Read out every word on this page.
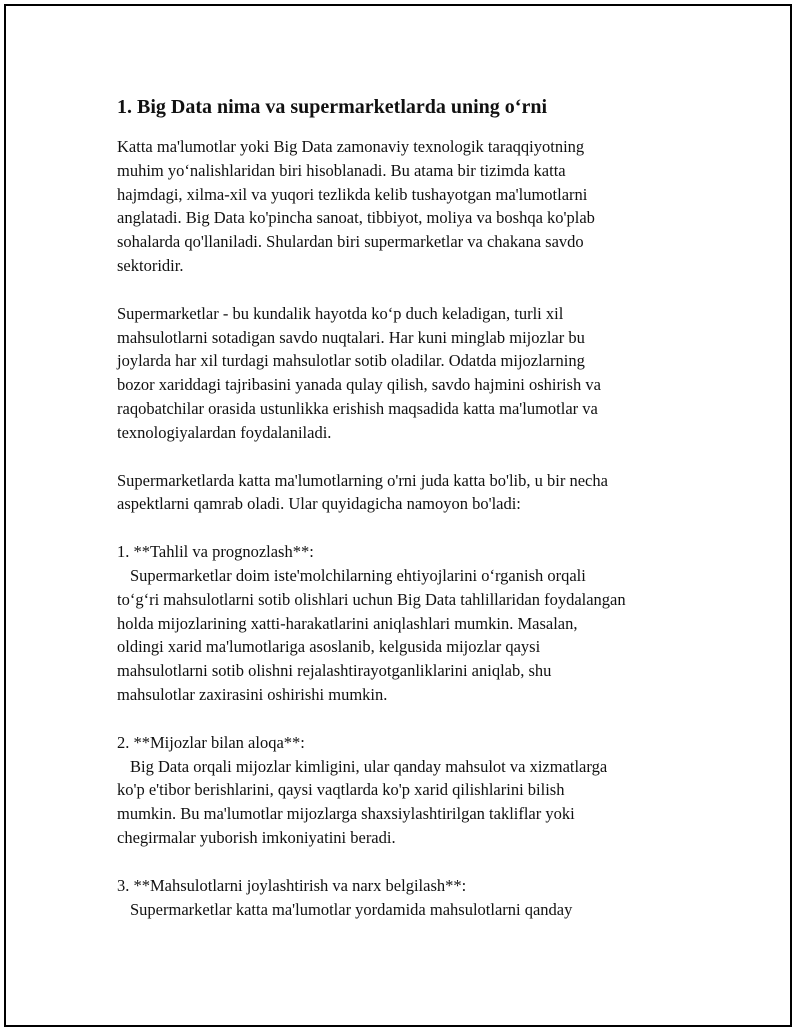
1. Big Data nima va supermarketlarda uning o‘rni
Katta ma'lumotlar yoki Big Data zamonaviy texnologik taraqqiyotning
muhim yo‘nalishlaridan biri hisoblanadi. Bu atama bir tizimda katta
hajmdagi, xilma-xil va yuqori tezlikda kelib tushayotgan ma'lumotlarni
anglatadi. Big Data ko'pincha sanoat, tibbiyot, moliya va boshqa ko'plab
sohalarda qo'llaniladi. Shulardan biri supermarketlar va chakana savdo
sektoridir.
Supermarketlar - bu kundalik hayotda ko‘p duch keladigan, turli xil
mahsulotlarni sotadigan savdo nuqtalari. Har kuni minglab mijozlar bu
joylarda har xil turdagi mahsulotlar sotib oladilar. Odatda mijozlarning
bozor xariddagi tajribasini yanada qulay qilish, savdo hajmini oshirish va
raqobatchilar orasida ustunlikka erishish maqsadida katta ma'lumotlar va
texnologiyalardan foydalaniladi.
Supermarketlarda katta ma'lumotlarning o'rni juda katta bo'lib, u bir necha
aspektlarni qamrab oladi. Ular quyidagicha namoyon bo'ladi:
1. **Tahlil va prognozlash**:
Supermarketlar doim iste'molchilarning ehtiyojlarini o‘rganish orqali
to‘g‘ri mahsulotlarni sotib olishlari uchun Big Data tahlillaridan foydalangan
holda mijozlarining xatti-harakatlarini aniqlashlari mumkin. Masalan,
oldingi xarid ma'lumotlariga asoslanib, kelgusida mijozlar qaysi
mahsulotlarni sotib olishni rejalashtirayotganliklarini aniqlab, shu
mahsulotlar zaxirasini oshirishi mumkin.
2. **Mijozlar bilan aloqa**:
Big Data orqali mijozlar kimligini, ular qanday mahsulot va xizmatlarga
ko'p e'tibor berishlarini, qaysi vaqtlarda ko'p xarid qilishlarini bilish
mumkin. Bu ma'lumotlar mijozlarga shaxsiylashtirilgan takliflar yoki
chegirmalar yuborish imkoniyatini beradi.
3. **Mahsulotlarni joylashtirish va narx belgilash**:
Supermarketlar katta ma'lumotlar yordamida mahsulotlarni qanday
